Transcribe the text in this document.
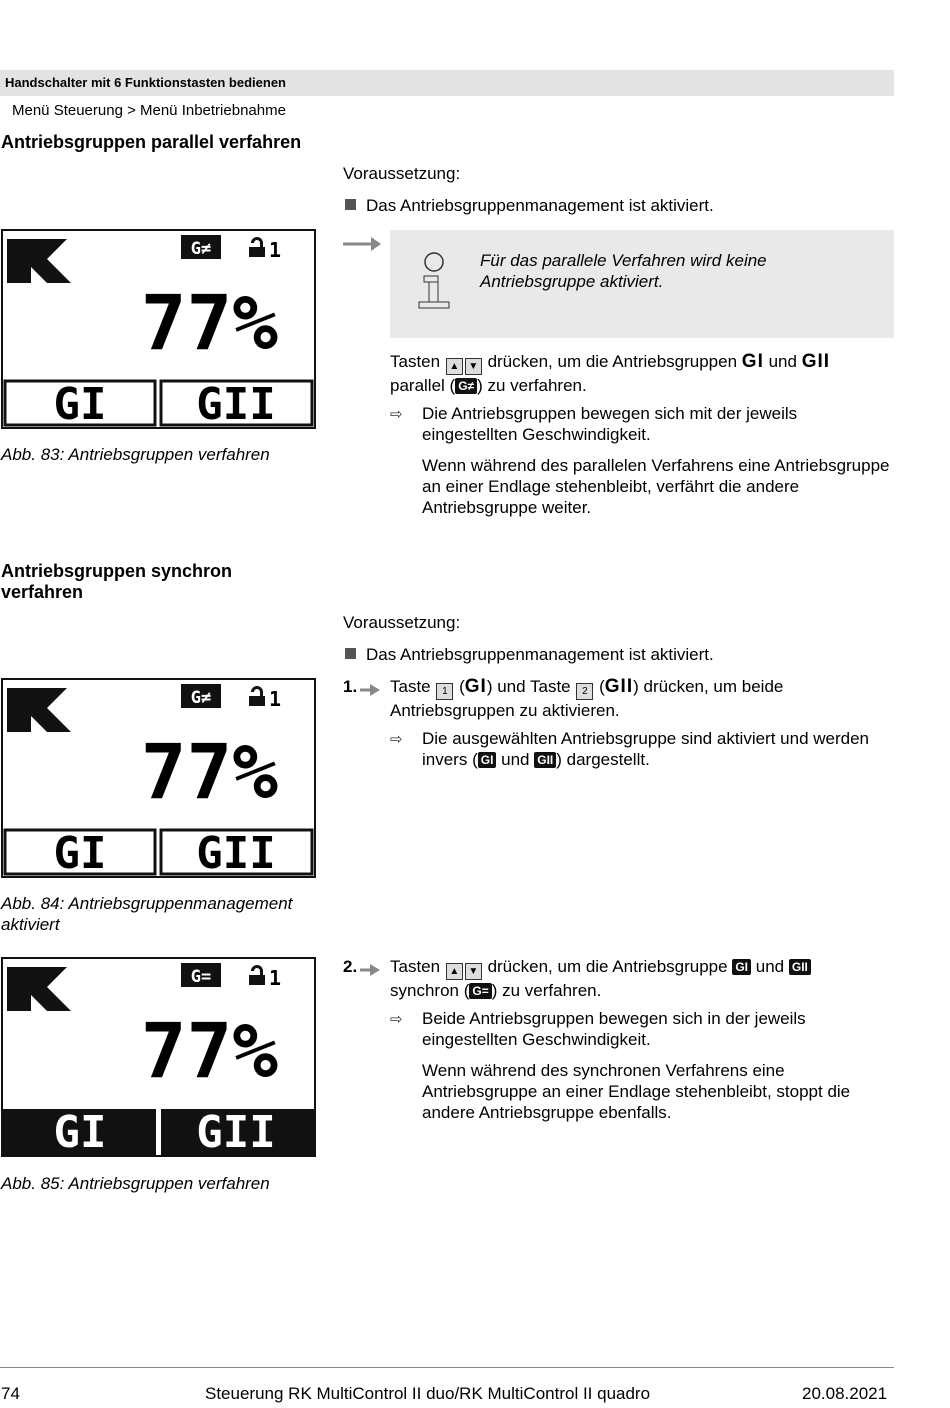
Handschalter mit 6 Funktionstasten bedienen
Menü Steuerung > Menü Inbetriebnahme
Antriebsgruppen parallel verfahren
Voraussetzung:
Das Antriebsgruppenmanagement ist aktiviert.
G≠	1
77%
GI GII
Abb. 83: Antriebsgruppen verfahren
Für das parallele Verfahren wird keine Antriebsgruppe aktiviert.
Tasten ▲ ▼ drücken, um die Antriebsgruppen GI und GII
parallel ( G≠ ) zu verfahren.
⇨ Die Antriebsgruppen bewegen sich mit der jeweils eingestellten Geschwindigkeit.
Wenn während des parallelen Verfahrens eine Antriebsgruppe an einer Endlage stehenbleibt, verfährt die andere Antriebsgruppe weiter.
Antriebsgruppen synchron verfahren
Voraussetzung:
Das Antriebsgruppenmanagement ist aktiviert.
G≠	1
77%
GI GII
Abb. 84: Antriebsgruppenmanagement aktiviert
1. Taste 1 (GI) und Taste 2 (GII) drücken, um beide Antriebsgruppen zu aktivieren.
⇨ Die ausgewählten Antriebsgruppe sind aktiviert und werden invers ( GI und GII ) dargestellt.
G=	1
77%
GI GII
Abb. 85: Antriebsgruppen verfahren
2. Tasten ▲ ▼ drücken, um die Antriebsgruppe GI und GII
synchron ( G= ) zu verfahren.
⇨ Beide Antriebsgruppen bewegen sich in der jeweils eingestellten Geschwindigkeit.
Wenn während des synchronen Verfahrens eine Antriebsgruppe an einer Endlage stehenbleibt, stoppt die andere Antriebsgruppe ebenfalls.
74	Steuerung RK MultiControl II duo/RK MultiControl II quadro	20.08.2021
